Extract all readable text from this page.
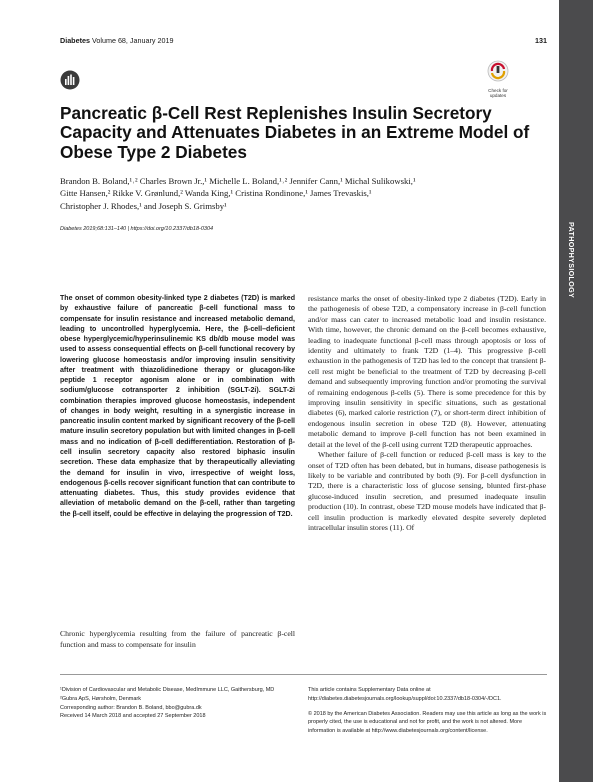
Diabetes Volume 68, January 2019	131
Check for updates
PATHOPHYSIOLOGY
Pancreatic β-Cell Rest Replenishes Insulin Secretory Capacity and Attenuates Diabetes in an Extreme Model of Obese Type 2 Diabetes
Brandon B. Boland,¹˒² Charles Brown Jr.,¹ Michelle L. Boland,¹˒² Jennifer Cann,¹ Michal Sulikowski,¹
Gitte Hansen,² Rikke V. Grønlund,² Wanda King,¹ Cristina Rondinone,¹ James Trevaskis,¹
Christopher J. Rhodes,¹ and Joseph S. Grimsby¹
Diabetes 2019;68:131–140 | https://doi.org/10.2337/db18-0304
The onset of common obesity-linked type 2 diabetes (T2D) is marked by exhaustive failure of pancreatic β-cell functional mass to compensate for insulin resistance and increased metabolic demand, leading to uncontrolled hyperglycemia. Here, the β-cell–deficient obese hyperglycemic/hyperinsulinemic KS db/db mouse model was used to assess consequential effects on β-cell functional recovery by lowering glucose homeostasis and/or improving insulin sensitivity after treatment with thiazolidinedione therapy or glucagon-like peptide 1 receptor agonism alone or in combination with sodium/glucose cotransporter 2 inhibition (SGLT-2i). SGLT-2i combination therapies improved glucose homeostasis, independent of changes in body weight, resulting in a synergistic increase in pancreatic insulin content marked by significant recovery of the β-cell mature insulin secretory population but with limited changes in β-cell mass and no indication of β-cell dedifferentiation. Restoration of β-cell insulin secretory capacity also restored biphasic insulin secretion. These data emphasize that by therapeutically alleviating the demand for insulin in vivo, irrespective of weight loss, endogenous β-cells recover significant function that can contribute to attenuating diabetes. Thus, this study provides evidence that alleviation of metabolic demand on the β-cell, rather than targeting the β-cell itself, could be effective in delaying the progression of T2D.
Chronic hyperglycemia resulting from the failure of pancreatic β-cell function and mass to compensate for insulin

resistance marks the onset of obesity-linked type 2 diabetes (T2D). Early in the pathogenesis of obese T2D, a compensatory increase in β-cell function and/or mass can cater to increased metabolic load and insulin resistance. With time, however, the chronic demand on the β-cell becomes exhaustive, leading to inadequate functional β-cell mass through apoptosis or loss of identity and ultimately to frank T2D (1–4). This progressive β-cell exhaustion in the pathogenesis of T2D has led to the concept that transient β-cell rest might be beneficial to the treatment of T2D by decreasing β-cell demand and subsequently improving function and/or promoting the survival of remaining endogenous β-cells (5). There is some precedence for this by improving insulin sensitivity in specific situations, such as gestational diabetes (6), marked calorie restriction (7), or short-term direct inhibition of endogenous insulin secretion in obese T2D (8). However, attenuating metabolic demand to improve β-cell function has not been examined in detail at the level of the β-cell using current T2D therapeutic approaches.

Whether failure of β-cell function or reduced β-cell mass is key to the onset of T2D often has been debated, but in humans, disease pathogenesis is likely to be variable and contributed by both (9). For β-cell dysfunction in T2D, there is a characteristic loss of glucose sensing, blunted first-phase glucose-induced insulin secretion, and presumed inadequate insulin production (10). In contrast, obese T2D mouse models have indicated that β-cell insulin production is markedly elevated despite severely depleted intracellular insulin stores (11). Of

¹Division of Cardiovascular and Metabolic Disease, MedImmune LLC, Gaithersburg, MD
²Gubra ApS, Hørsholm, Denmark
Corresponding author: Brandon B. Boland, bbo@gubra.dk
Received 14 March 2018 and accepted 27 September 2018
This article contains Supplementary Data online at http://diabetes.diabetesjournals.org/lookup/suppl/doi:10.2337/db18-0304/-/DC1.
© 2018 by the American Diabetes Association. Readers may use this article as long as the work is properly cited, the use is educational and not for profit, and the work is not altered. More information is available at http://www.diabetesjournals.org/content/license.
